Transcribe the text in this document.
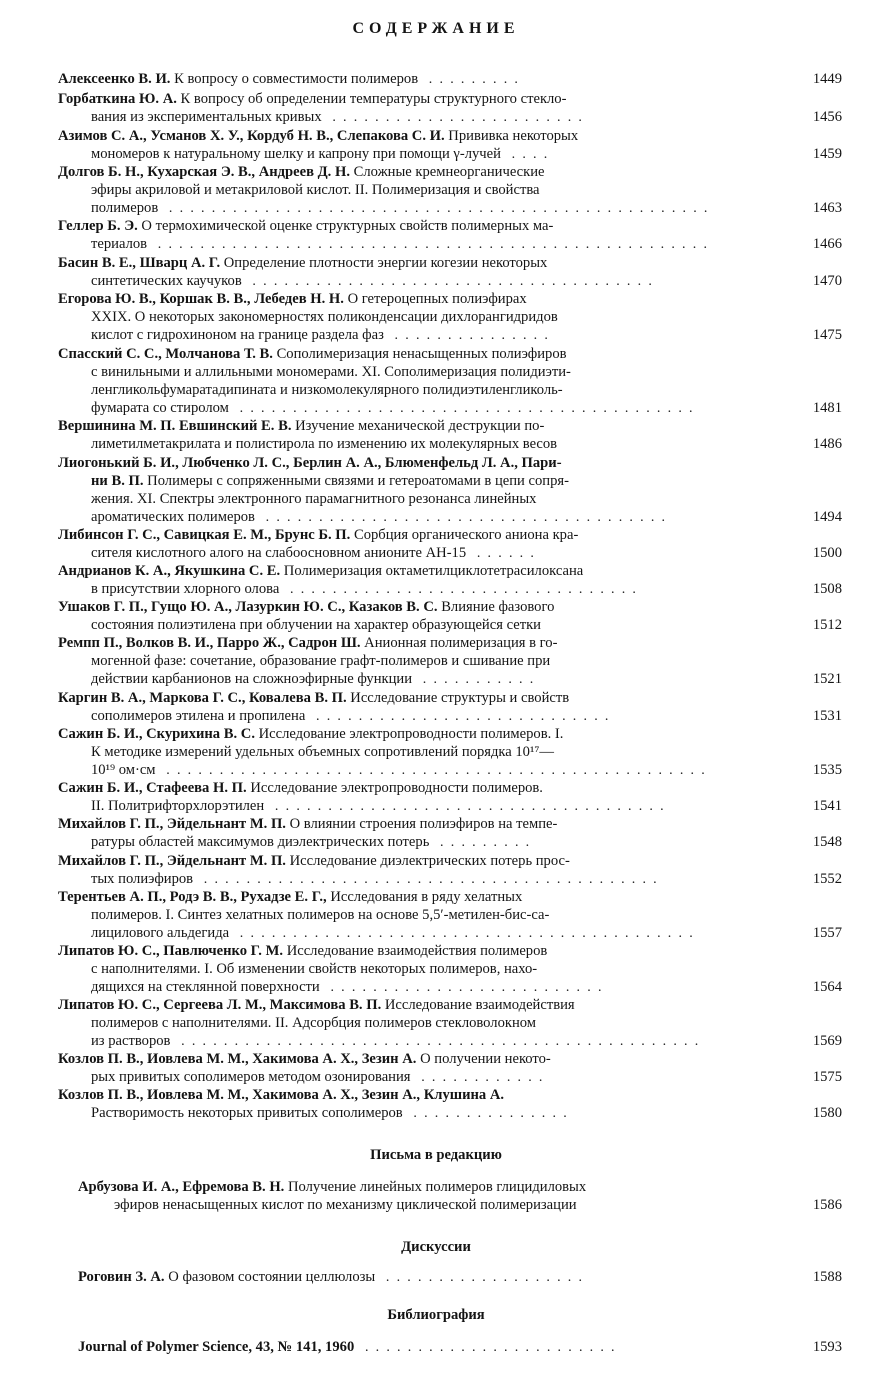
СОДЕРЖАНИЕ
Алексеенко В. И. К вопросу о совместимости полимеров .........	1449
Горбаткина Ю. А. К вопросу об определении температуры структурного стекло-
вания из экспериментальных кривых ........................	1456
Азимов С. А., Усманов Х. У., Кордуб Н. В., Слепакова С. И. Прививка некоторых
мономеров к натуральному шелку и капрону при помощи γ-лучей ....	1459
Долгов Б. Н., Кухарская Э. В., Андреев Д. Н. Сложные кремнеорганические
эфиры акриловой и метакриловой кислот. II. Полимеризация и свойства
полимеров ...................................................	1463
Геллер Б. Э. О термохимической оценке структурных свойств полимерных ма-
териалов ....................................................	1466
Басин В. Е., Шварц А. Г. Определение плотности энергии когезии некоторых
синтетических каучуков ......................................	1470
Егорова Ю. В., Коршак В. В., Лебедев Н. Н. О гетероцепных полиэфирах
XXIX. О некоторых закономерностях поликонденсации дихлорангидридов
кислот с гидрохиноном на границе раздела фаз ...............	1475
Спасский С. С., Молчанова Т. В. Сополимеризация ненасыщенных полиэфиров
с винильными и аллильными мономерами. XI. Сополимеризация полидиэти-
ленгликольфумаратадипината и низкомолекулярного полидиэтиленгликоль-
фумарата со стиролом ...........................................	1481
Вершинина М. П. Евшинский Е. В. Изучение механической деструкции по-
лиметилметакрилата и полистирола по изменению их молекулярных весов	1486
Лиогонький Б. И., Любченко Л. С., Берлин А. А., Блюменфельд Л. А., Пари-
ни В. П. Полимеры с сопряженными связями и гетероатомами в цепи сопря-
жения. XI. Спектры электронного парамагнитного резонанса линейных
ароматических полимеров ......................................	1494
Либинсон Г. С., Савицкая Е. М., Брунс Б. П. Сорбция органического аниона кра-
сителя кислотного алого на слабоосновном анионите АН-15 ......	1500
Андрианов К. А., Якушкина С. Е. Полимеризация октаметилциклотетрасилоксана
в присутствии хлорного олова .................................	1508
Ушаков Г. П., Гущо Ю. А., Лазуркин Ю. С., Казаков В. С. Влияние фазового
состояния полиэтилена при облучении на характер образующейся сетки	1512
Ремпп П., Волков В. И., Парро Ж., Садрон Ш. Анионная полимеризация в го-
могенной фазе: сочетание, образование графт-полимеров и сшивание при
действии карбанионов на сложноэфирные функции ...........	1521
Каргин В. А., Маркова Г. С., Ковалева В. П. Исследование структуры и свойств
сополимеров этилена и пропилена ............................	1531
Сажин Б. И., Скурихина В. С. Исследование электропроводности полимеров. I.
К методике измерений удельных объемных сопротивлений порядка 10¹⁷—
10¹⁹ ом·см ...................................................	1535
Сажин Б. И., Стафеева Н. П. Исследование электропроводности полимеров.
II. Политрифторхлорэтилен .....................................	1541
Михайлов Г. П., Эйдельнант М. П. О влиянии строения полиэфиров на темпе-
ратуры областей максимумов диэлектрических потерь .........	1548
Михайлов Г. П., Эйдельнант М. П. Исследование диэлектрических потерь прос-
тых полиэфиров ...........................................	1552
Терентьев А. П., Родэ В. В., Рухадзе Е. Г., Исследования в ряду хелатных
полимеров. I. Синтез хелатных полимеров на основе 5,5′-метилен-бис-са-
лицилового альдегида ...........................................	1557
Липатов Ю. С., Павлюченко Г. М. Исследование взаимодействия полимеров
с наполнителями. I. Об изменении свойств некоторых полимеров, нахо-
дящихся на стеклянной поверхности ..........................	1564
Липатов Ю. С., Сергеева Л. М., Максимова В. П. Исследование взаимодействия
полимеров с наполнителями. II. Адсорбция полимеров стекловолокном
из растворов .................................................	1569
Козлов П. В., Иовлева М. М., Хакимова А. Х., Зезин А. О получении некото-
рых привитых сополимеров методом озонирования ............	1575
Козлов П. В., Иовлева М. М., Хакимова А. Х., Зезин А., Клушина А.
Растворимость некоторых привитых сополимеров ...............	1580
Письма в редакцию
Арбузова И. А., Ефремова В. Н. Получение линейных полимеров глицидиловых
эфиров ненасыщенных кислот по механизму циклической полимеризации	1586
Дискуссии
Роговин З. А. О фазовом состоянии целлюлозы ...................	1588
Библиография
Journal of Polymer Science, 43, № 141, 1960 ........................	1593
